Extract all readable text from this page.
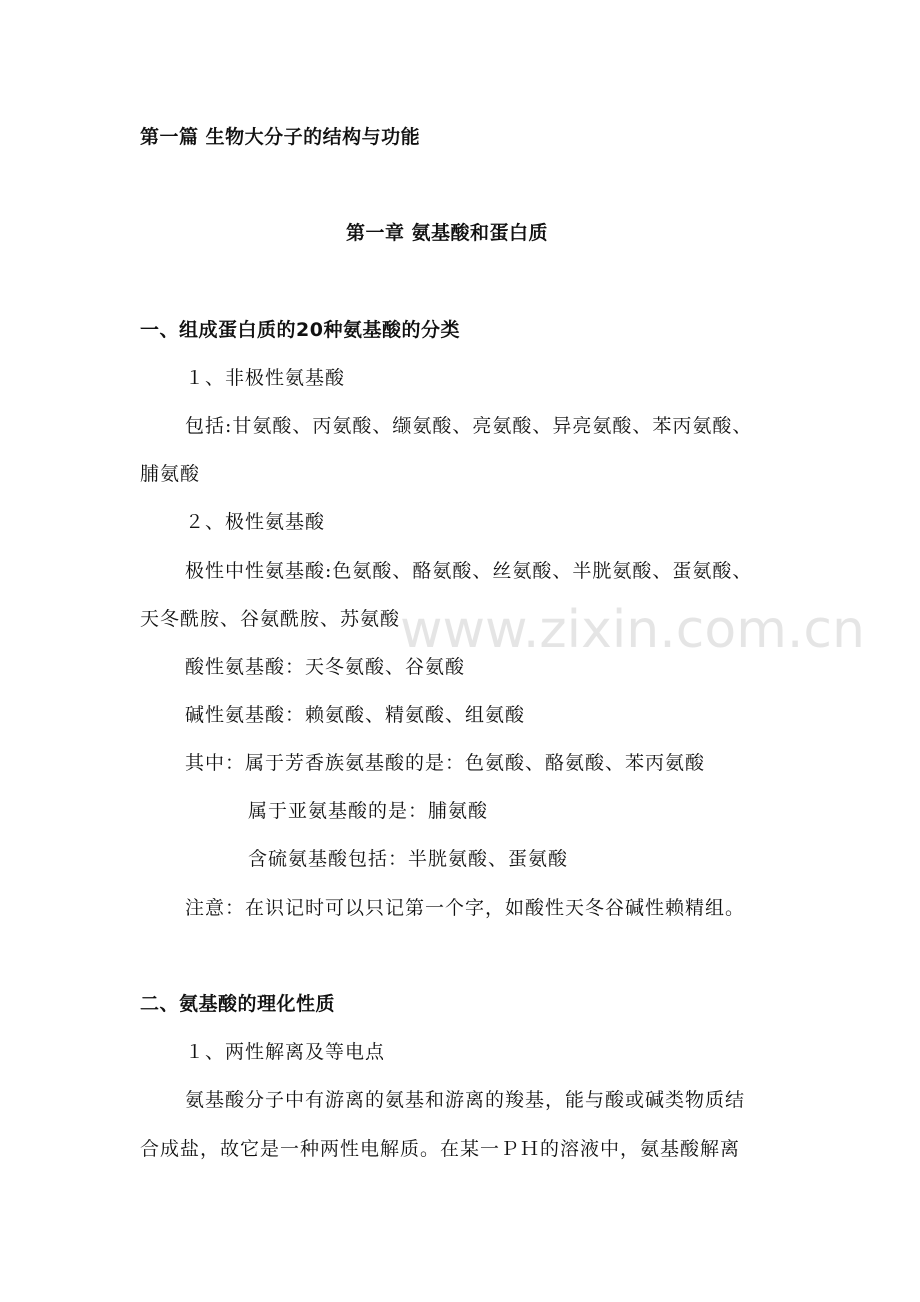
第一篇 生物大分子的结构与功能
第一章 氨基酸和蛋白质
一、组成蛋白质的20种氨基酸的分类
１、非极性氨基酸
包括:甘氨酸、丙氨酸、缬氨酸、亮氨酸、异亮氨酸、苯丙氨酸、
脯氨酸
２、极性氨基酸
极性中性氨基酸:色氨酸、酪氨酸、丝氨酸、半胱氨酸、蛋氨酸、
天冬酰胺、谷氨酰胺、苏氨酸
酸性氨基酸：天冬氨酸、谷氨酸
碱性氨基酸：赖氨酸、精氨酸、组氨酸
其中：属于芳香族氨基酸的是：色氨酸、酪氨酸、苯丙氨酸
属于亚氨基酸的是：脯氨酸
含硫氨基酸包括：半胱氨酸、蛋氨酸
注意：在识记时可以只记第一个字，如酸性天冬谷碱性赖精组。
二、氨基酸的理化性质
１、两性解离及等电点
氨基酸分子中有游离的氨基和游离的羧基，能与酸或碱类物质结
合成盐，故它是一种两性电解质。在某一ＰＨ的溶液中，氨基酸解离
www.zixin.com.cn
